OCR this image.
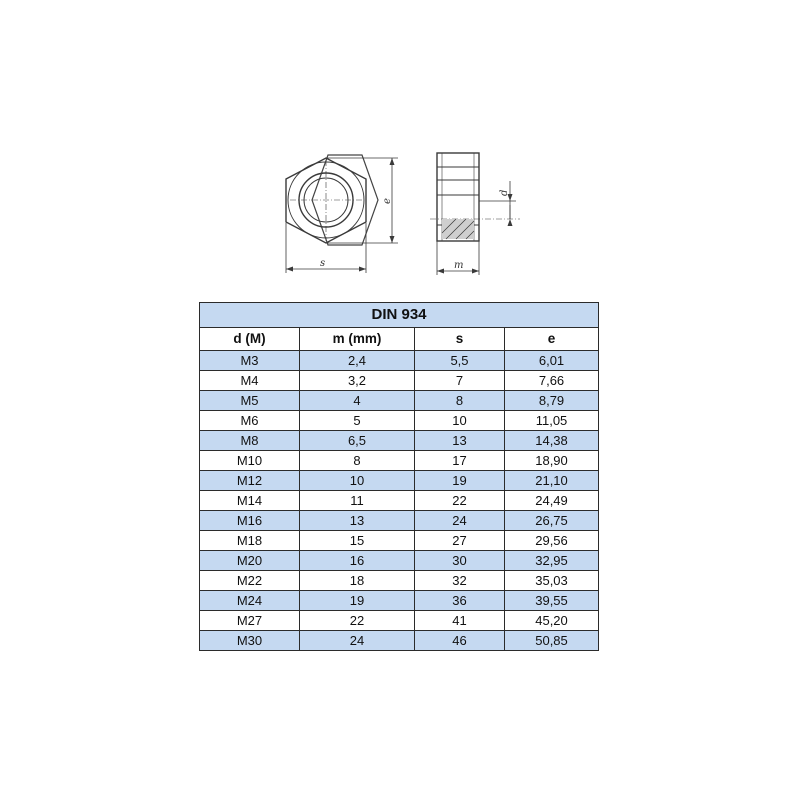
s
e
d
m
DIN 934			
d (M)	m (mm)	s	e
M3	2,4	5,5	6,01
M4	3,2	7	7,66
M5	4	8	8,79
M6	5	10	11,05
M8	6,5	13	14,38
M10	8	17	18,90
M12	10	19	21,10
M14	11	22	24,49
M16	13	24	26,75
M18	15	27	29,56
M20	16	30	32,95
M22	18	32	35,03
M24	19	36	39,55
M27	22	41	45,20
M30	24	46	50,85
